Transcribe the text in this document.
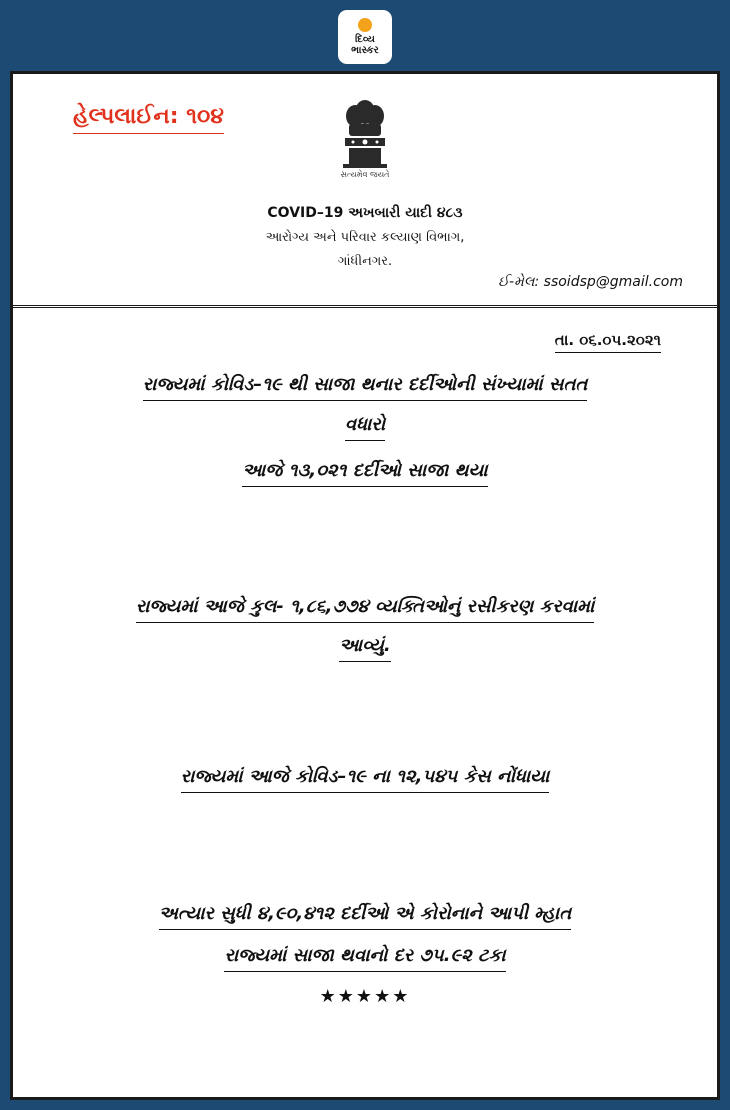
દિવ્ય
ભાસ્કર
હેલ્પલાઈન: ૧૦૪
સત્યમેવ જયતે
COVID–19 અખબારી યાદી ૪૮૩
આરોગ્ય અને પરિવાર કલ્યાણ વિભાગ,
ગાંધીનગર.
ઈ-મેલ: ssoidsp@gmail.com
તા. ૦૬.૦૫.૨૦૨૧
રાજ્યમાં કોવિડ–૧૯ થી સાજા થનાર દર્દીઓની સંખ્યામાં સતત
વધારો
આજે ૧૩,૦૨૧ દર્દીઓ સાજા થયા
રાજ્યમાં આજે કુલ- ૧,૮૬,૭૭૪ વ્યક્તિઓનું રસીકરણ કરવામાં
આવ્યું.
રાજ્યમાં આજે કોવિડ–૧૯ ના ૧૨,૫૪૫ કેસ નોંધાયા
અત્યાર સુધી ૪,૯૦,૪૧૨ દર્દીઓ એ કોરોનાને આપી મ્હાત
રાજ્યમાં સાજા થવાનો દર ૭૫.૯૨ ટકા
★★★★★
